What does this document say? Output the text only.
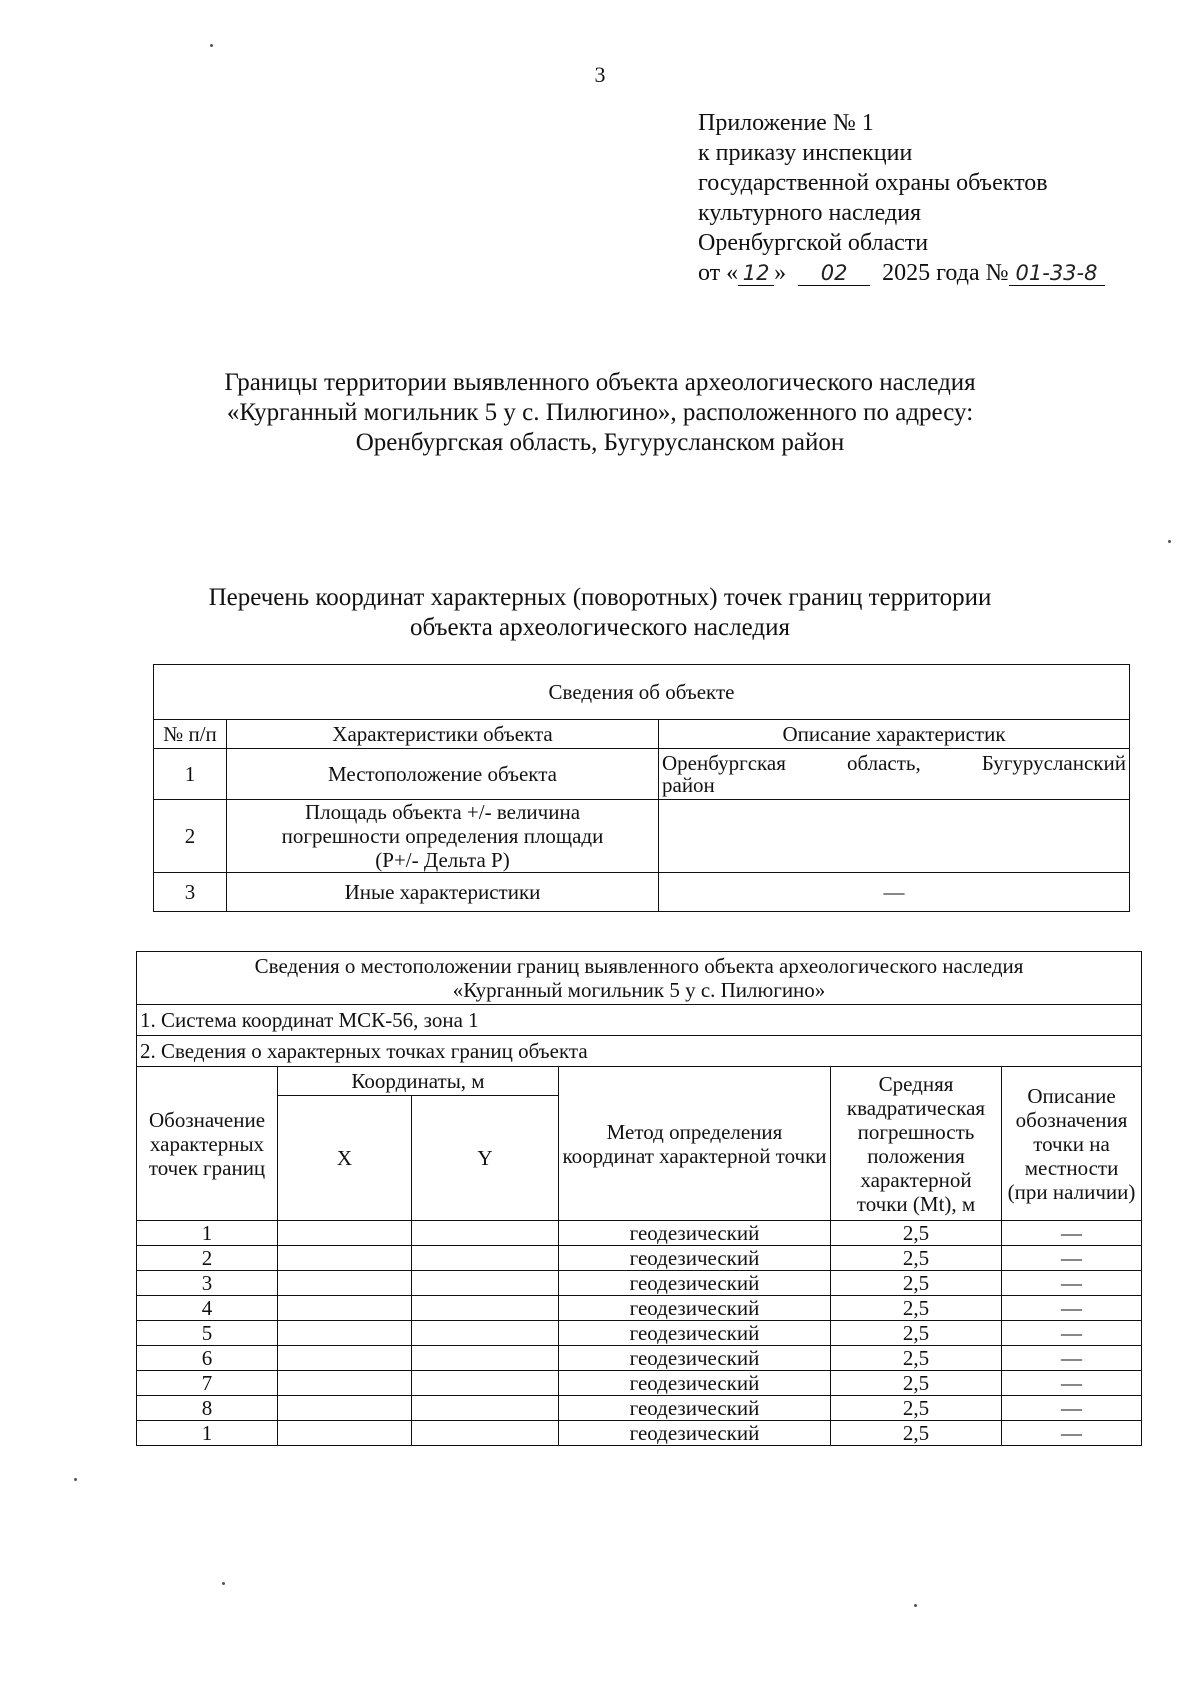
3
Приложение № 1
к приказу инспекции
государственной охраны объектов
культурного наследия
Оренбургской области
от « 12 » 02 2025 года № 01-33-8
Границы территории выявленного объекта археологического наследия
«Курганный могильник 5 у с. Пилюгино», расположенного по адресу:
Оренбургская область, Бугурусланском район
Перечень координат характерных (поворотных) точек границ территории
объекта археологического наследия
Сведения об объекте		
№ п/п	Характеристики объекта	Описание характеристик
1	Местоположение объекта	Оренбургская область, Бугурусланский
район

2	Площадь объекта +/- величина
погрешности определения площади
(Р+/- Дельта Р)	

3	Иные характеристики	—
Сведения о местоположении границ выявленного объекта археологического наследия
«Курганный могильник 5 у с. Пилюгино»					

1. Система координат МСК-56, зона 1					
2. Сведения о характерных точках границ объекта					
Обозначение характерных точек границ	Координаты, м		Метод определения координат характерной точки	Средняя квадратическая погрешность положения характерной точки (Mt), м	Описание обозначения точки на местности (при наличии)
	X	Y			
1			геодезический	2,5	—
2			геодезический	2,5	—
3			геодезический	2,5	—
4			геодезический	2,5	—
5			геодезический	2,5	—
6			геодезический	2,5	—
7			геодезический	2,5	—
8			геодезический	2,5	—
1			геодезический	2,5	—
